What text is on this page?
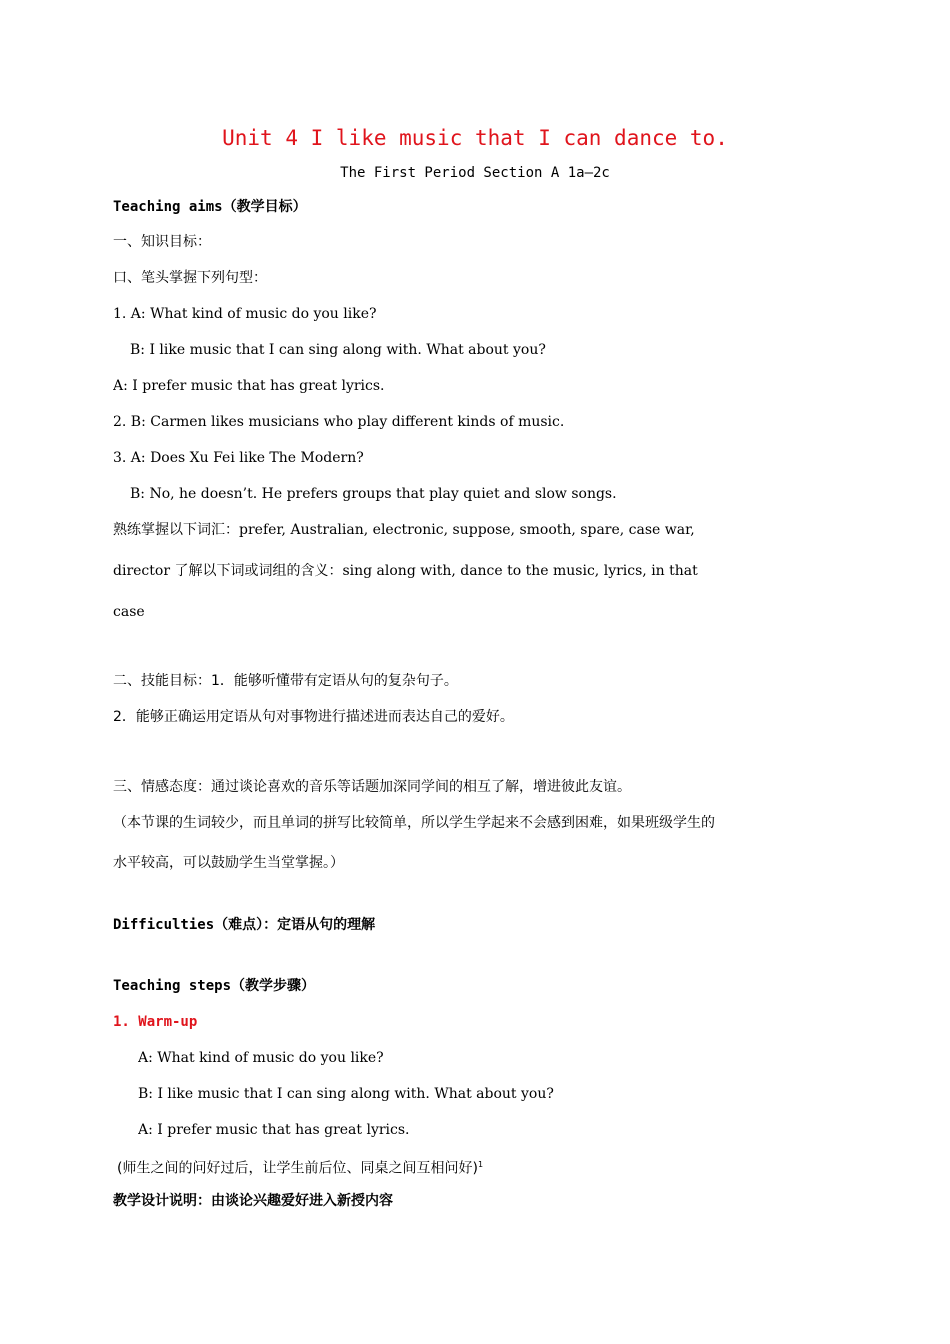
Unit 4 I like music that I can dance to.
The First Period Section A 1a–2c
Teaching aims（教学目标）
一、知识目标：
口、笔头掌握下列句型：
1. A: What kind of music do you like?
B: I like music that I can sing along with. What about you?
A: I prefer music that has great lyrics.
2. B: Carmen likes musicians who play different kinds of music.
3. A: Does Xu Fei like The Modern?
B: No, he doesn’t. He prefers groups that play quiet and slow songs.
熟练掌握以下词汇：prefer, Australian, electronic, suppose, smooth, spare, case war,
director 了解以下词或词组的含义：sing along with, dance to the music, lyrics, in that
case
二、技能目标：1．能够听懂带有定语从句的复杂句子。
2．能够正确运用定语从句对事物进行描述进而表达自己的爱好。
三、情感态度：通过谈论喜欢的音乐等话题加深同学间的相互了解，增进彼此友谊。
（本节课的生词较少，而且单词的拼写比较简单，所以学生学起来不会感到困难，如果班级学生的
水平较高，可以鼓励学生当堂掌握。）
Difficulties（难点）：定语从句的理解
Teaching steps（教学步骤）
1. Warm-up
A: What kind of music do you like?
B: I like music that I can sing along with. What about you?
A: I prefer music that has great lyrics.
(师生之间的问好过后，让学生前后位、同桌之间互相问好)$^1$
教学设计说明：由谈论兴趣爱好进入新授内容
